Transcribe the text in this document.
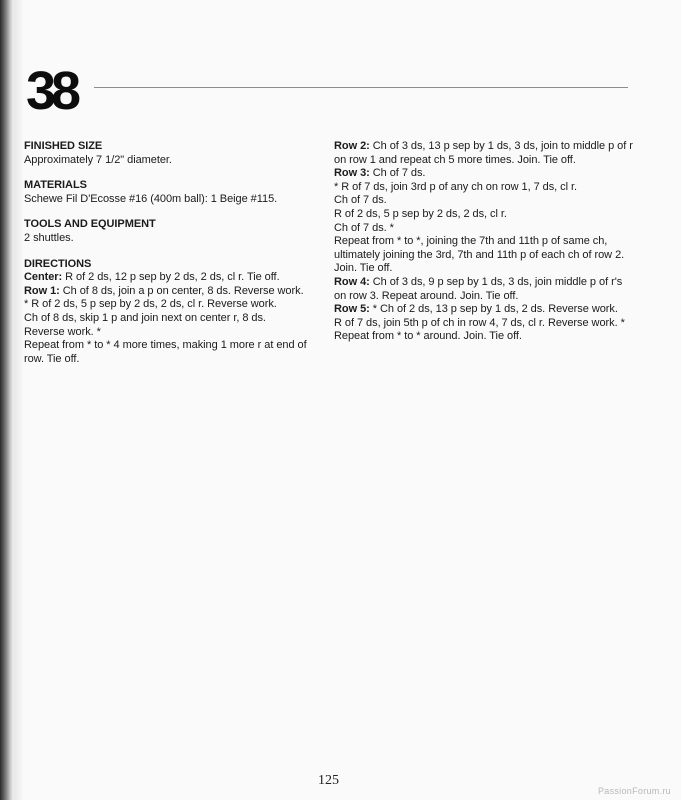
38
FINISHED SIZE

Approximately 7 1/2" diameter.

MATERIALS

Schewe Fil D'Ecosse #16 (400m ball): 1 Beige #115.

TOOLS AND EQUIPMENT

2 shuttles.

DIRECTIONS

Center: R of 2 ds, 12 p sep by 2 ds, 2 ds, cl r. Tie off.

Row 1: Ch of 8 ds, join a p on center, 8 ds. Reverse work.

* R of 2 ds, 5 p sep by 2 ds, 2 ds, cl r. Reverse work.

Ch of 8 ds, skip 1 p and join next on center r, 8 ds.

Reverse work. *

Repeat from * to * 4 more times, making 1 more r at end of row. Tie off.

Row 2: Ch of 3 ds, 13 p sep by 1 ds, 3 ds, join to middle p of r on row 1 and repeat ch 5 more times. Join. Tie off.

Row 3: Ch of 7 ds.

* R of 7 ds, join 3rd p of any ch on row 1, 7 ds, cl r.

Ch of 7 ds.

R of 2 ds, 5 p sep by 2 ds, 2 ds, cl r.

Ch of 7 ds. *

Repeat from * to *, joining the 7th and 11th p of same ch, ultimately joining the 3rd, 7th and 11th p of each ch of row 2. Join. Tie off.

Row 4: Ch of 3 ds, 9 p sep by 1 ds, 3 ds, join middle p of r's on row 3. Repeat around. Join. Tie off.

Row 5: * Ch of 2 ds, 13 p sep by 1 ds, 2 ds. Reverse work.

R of 7 ds, join 5th p of ch in row 4, 7 ds, cl r. Reverse work. *

Repeat from * to * around. Join. Tie off.

125
PassionForum.ru
